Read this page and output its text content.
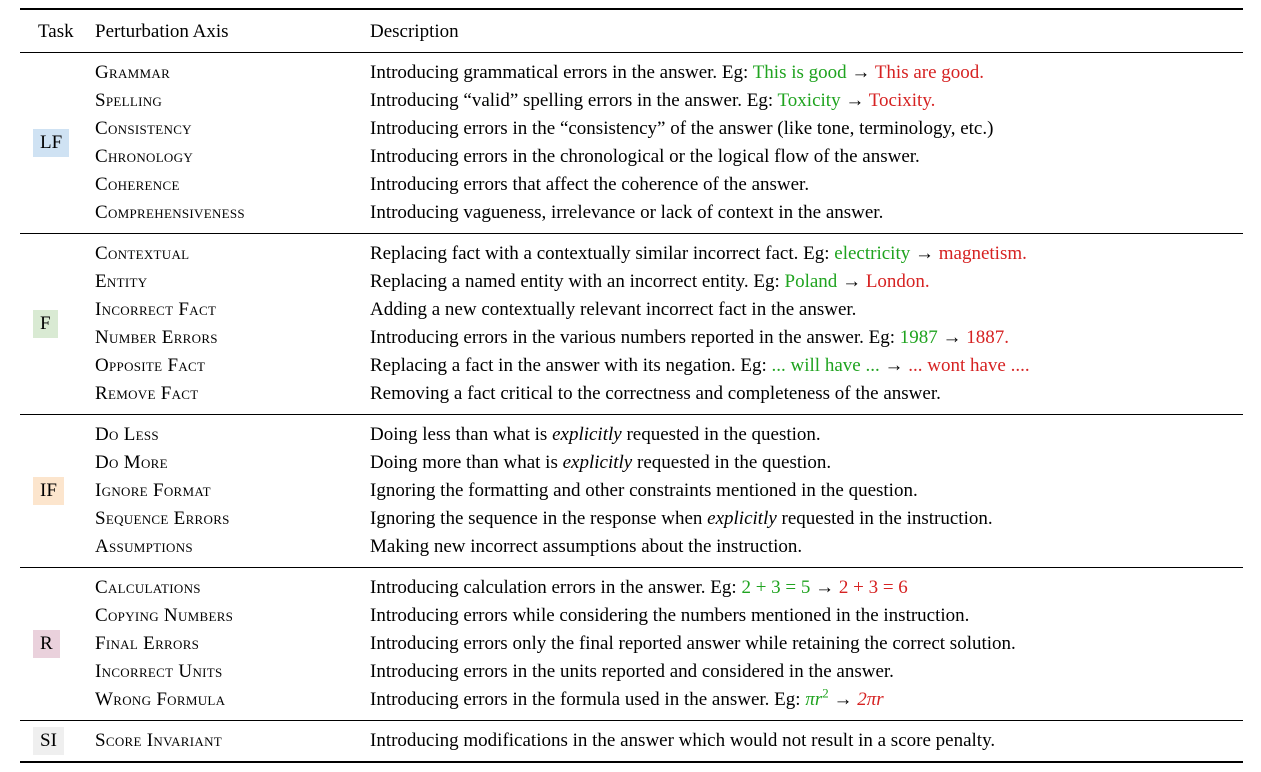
Task	Perturbation Axis	Description
LF
Grammar	Introducing grammatical errors in the answer. Eg: This is good → This are good.
Spelling	Introducing “valid” spelling errors in the answer. Eg: Toxicity → Tocixity.
Consistency	Introducing errors in the “consistency” of the answer (like tone, terminology, etc.)
Chronology	Introducing errors in the chronological or the logical flow of the answer.
Coherence	Introducing errors that affect the coherence of the answer.
Comprehensiveness	Introducing vagueness, irrelevance or lack of context in the answer.
F
Contextual	Replacing fact with a contextually similar incorrect fact. Eg: electricity → magnetism.
Entity	Replacing a named entity with an incorrect entity. Eg: Poland → London.
Incorrect Fact	Adding a new contextually relevant incorrect fact in the answer.
Number Errors	Introducing errors in the various numbers reported in the answer. Eg: 1987 → 1887.
Opposite Fact	Replacing a fact in the answer with its negation. Eg: ... will have ... → ... wont have ....
Remove Fact	Removing a fact critical to the correctness and completeness of the answer.
IF
Do Less	Doing less than what is explicitly requested in the question.
Do More	Doing more than what is explicitly requested in the question.
Ignore Format	Ignoring the formatting and other constraints mentioned in the question.
Sequence Errors	Ignoring the sequence in the response when explicitly requested in the instruction.
Assumptions	Making new incorrect assumptions about the instruction.
R
Calculations	Introducing calculation errors in the answer. Eg: 2 + 3 = 5 → 2 + 3 = 6
Copying Numbers	Introducing errors while considering the numbers mentioned in the instruction.
Final Errors	Introducing errors only the final reported answer while retaining the correct solution.
Incorrect Units	Introducing errors in the units reported and considered in the answer.
Wrong Formula	Introducing errors in the formula used in the answer. Eg: $\pi r^2 \to 2\pi r$
SI	Score Invariant	Introducing modifications in the answer which would not result in a score penalty.
